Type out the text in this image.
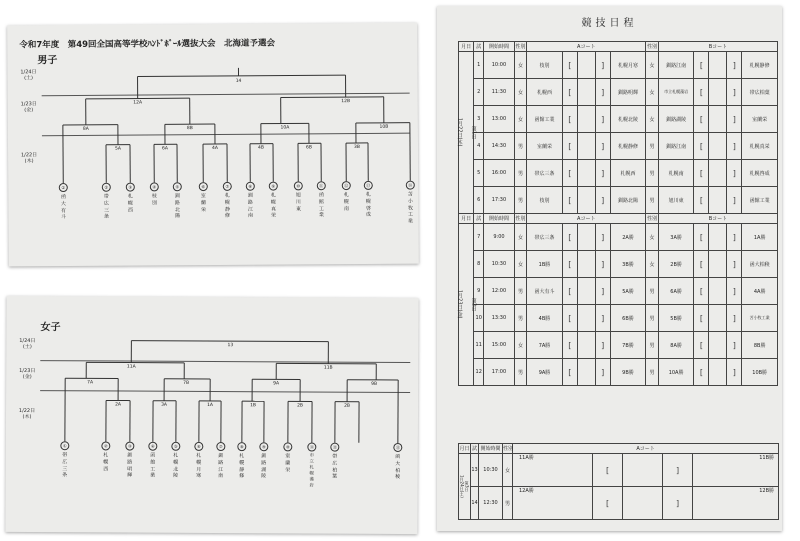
令和7年度　第49回全国高等学校ﾊﾝﾄﾞﾎﾞｰﾙ選抜大会　北海道予選会
男子
1/24日
(土)
1/23日
(金)
1/22日
(木)
14
12A	12B
8A	8B	10A	10B
5A	6A	4A	4B	6B	3B
①
函大有斗
②
帯広三条
③
札幌西
④
枝別
⑤
釧路北陽
⑥
室蘭栄
⑦
札幌静修
⑧
釧路江南
⑨
札幌真栄
⑩
旭川東
⑪
函館工業
⑫
札幌南
⑬
札幌啓成
⑭
苫小牧工業
女子
1/24日
(土)
1/23日
(金)
1/22日
(木)
13
11A	11B
7A	7B	9A	9B
2A	3A	1A	1B	2B	2B
①
帯広三条
②
札幌西
③
釧路明輝
④
函館工業
⑤
札幌北陵
⑥
札幌月寒
⑦
釧路江南
⑧
札幌静修
⑨
釧路湖陵
⑩
室蘭栄
⑪
市立札幌藻岩
⑫
帯広柏葉
⑬
函大柏稜
競技日程
月日	試	開始時間	性別	Aコート					性別	Bコート				
第1日

1月22日(木)	1	10:00	女	枝別	[		]	札幌月寒	女	釧路江南	[		]	札幌静修
	2	11:30	女	札幌西	[		]	釧路明輝	女	市立札幌藻岩	[		]	帯広柏葉
	3	13:00	女	函館工業	[		]	札幌北陵	女	釧路湖陵	[		]	室蘭栄
	4	14:30	男	室蘭栄	[		]	札幌静修	男	釧路江南	[		]	札幌真栄
	5	16:00	男	帯広三条	[		]	札幌西	男	札幌南	[		]	札幌啓成
	6	17:30	男	枝別	[		]	釧路北陽	男	旭川東	[		]	函館工業
月日	試	開始時間	性別	Aコート					性別	Bコート				
第2日

1月23日(金)	7	9:00	女	帯広三条	[		]	2A勝	女	3A勝	[		]	1A勝
	8	10:30	女	1B勝	[		]	3B勝	女	2B勝	[		]	函大柏稜
	9	12:00	男	函大有斗	[		]	5A勝	男	6A勝	[		]	4A勝
	10	13:30	男	4B勝	[		]	6B勝	男	5B勝	[		]	苫小牧工業
	11	15:00	女	7A勝	[		]	7B勝	男	8A勝	[		]	8B勝
	12	17:00	男	9A勝	[		]	9B勝	男	10A勝	[		]	10B勝
月日	試	開始時間	性別	Aコート				
第3日
1月24日(土)	13	10:30	女	11A勝	[		]	11B勝
	14	12:30	男	12A勝	[		]	12B勝
